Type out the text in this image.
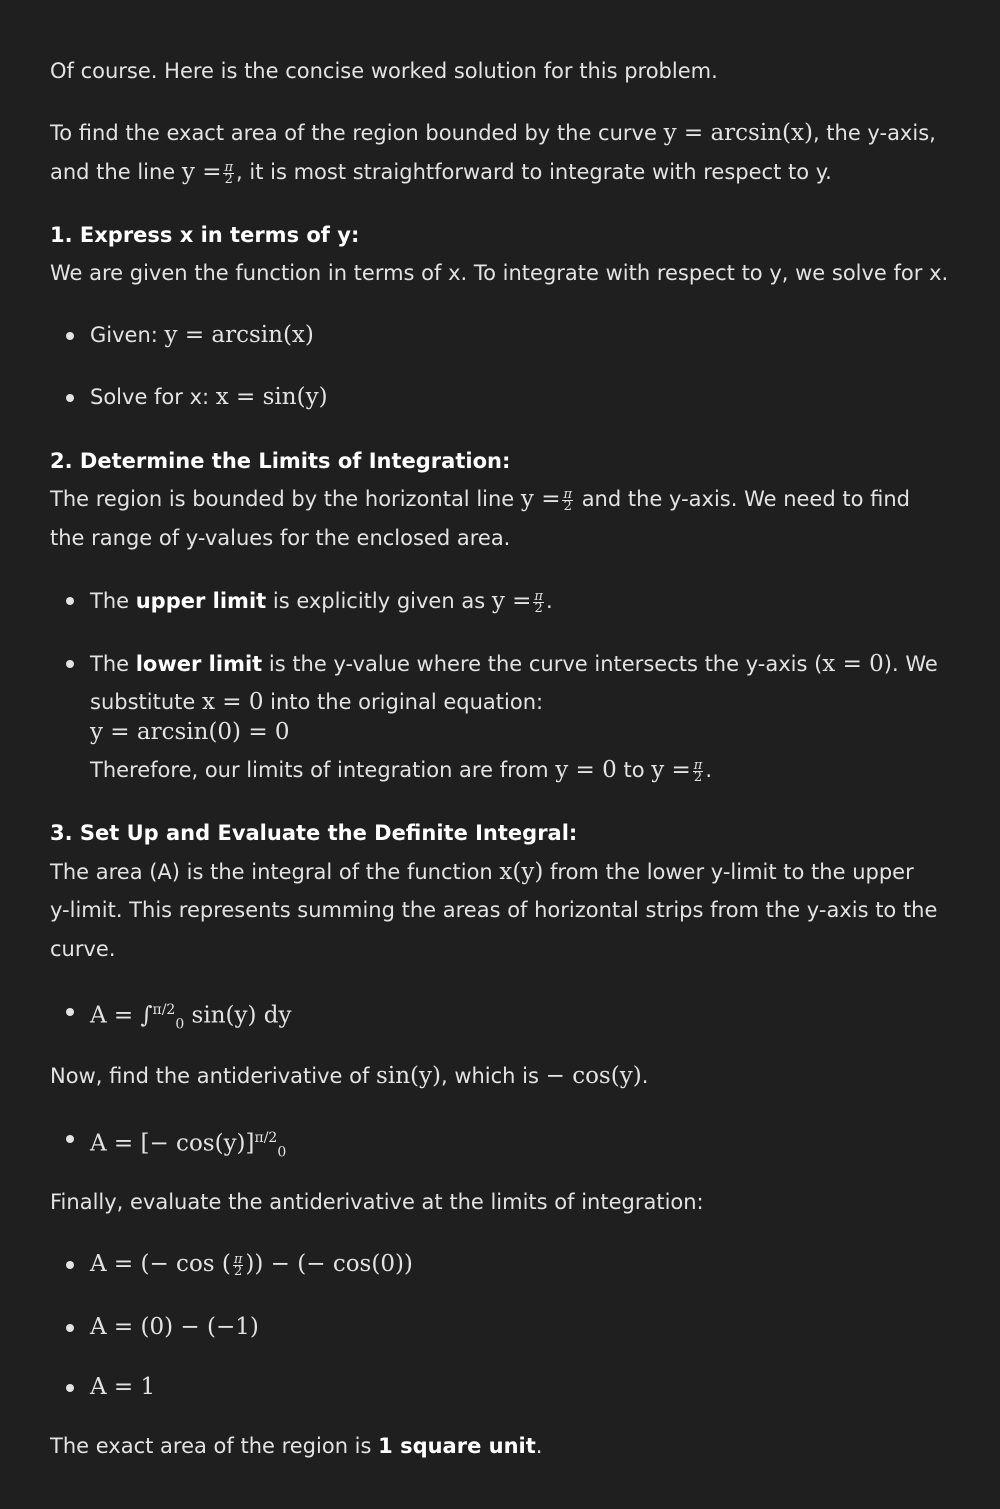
Of course. Here is the concise worked solution for this problem.
To find the exact area of the region bounded by the curve y = arcsin(x), the y-axis,
and the line $y = \frac{\pi}{2}$ , it is most straightforward to integrate with respect to y.
1. Express x in terms of y:
We are given the function in terms of x. To integrate with respect to y, we solve for x.
Given: y = arcsin(x)
Solve for x: x = sin(y)
2. Determine the Limits of Integration:
The region is bounded by the horizontal line $y = \frac{\pi}{2}$ and the y-axis. We need to find
the range of y-values for the enclosed area.
The upper limit is explicitly given as $y = \frac{\pi}{2}$ .
The lower limit is the y-value where the curve intersects the y-axis (x = 0). We
substitute x = 0 into the original equation:
y = arcsin(0) = 0
Therefore, our limits of integration are from y = 0 to $y = \frac{\pi}{2}$ .
3. Set Up and Evaluate the Definite Integral:
The area (A) is the integral of the function x(y) from the lower y-limit to the upper
y-limit. This represents summing the areas of horizontal strips from the y-axis to the
curve.
A = ∫$^{\pi/2}_0$ sin(y) dy
Now, find the antiderivative of sin(y), which is − cos(y).
A = [− cos(y)]$^{\pi/2}_0$
Finally, evaluate the antiderivative at the limits of integration:
A = (− cos ( $\frac{\pi}{2}$ )) − (− cos(0))
A = (0) − (−1)
A = 1
The exact area of the region is 1 square unit.
